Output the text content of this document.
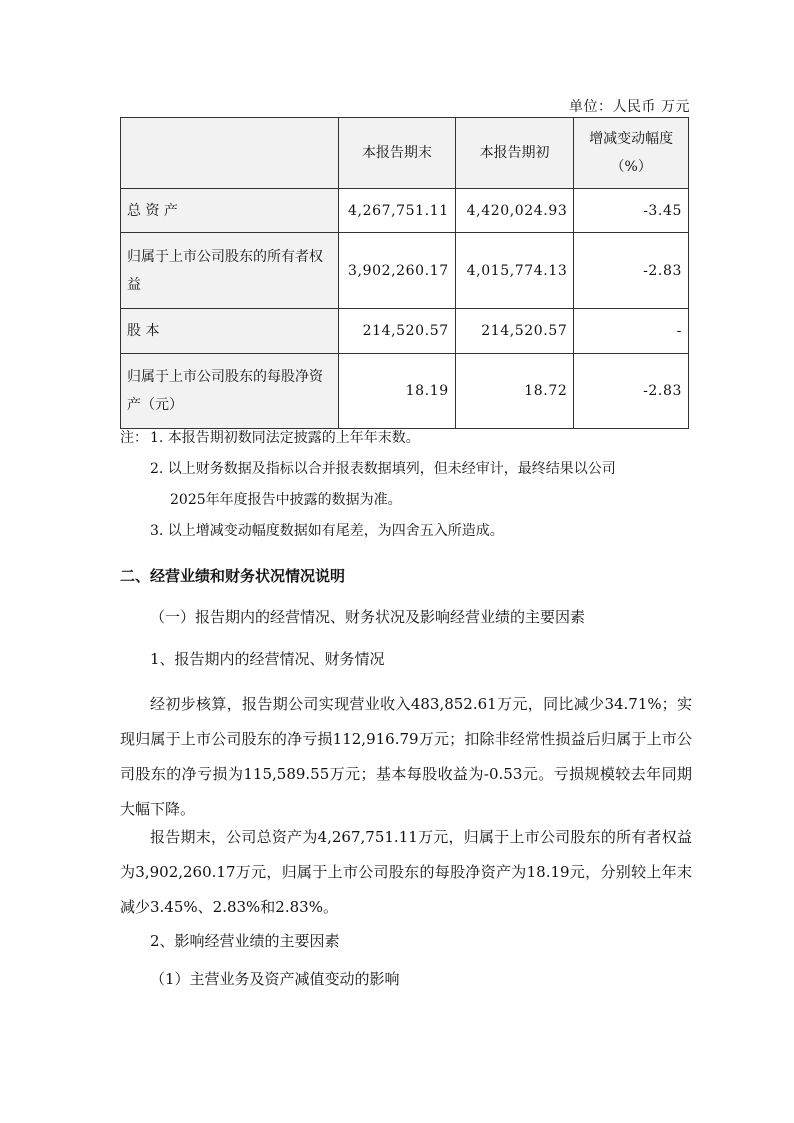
单位：人民币 万元
	本报告期末	本报告期初	增减变动幅度（%）
总 资 产	4,267,751.11	4,420,024.93	-3.45
归属于上市公司股东的所有者权益	3,902,260.17	4,015,774.13	-2.83
股 本	214,520.57	214,520.57	-
归属于上市公司股东的每股净资产（元）	18.19	18.72	-2.83
注： 1. 本报告期初数同法定披露的上年年末数。
2. 以上财务数据及指标以合并报表数据填列，但未经审计，最终结果以公司
2025年年度报告中披露的数据为准。
3. 以上增减变动幅度数据如有尾差，为四舍五入所造成。
二、经营业绩和财务状况情况说明
（一）报告期内的经营情况、财务状况及影响经营业绩的主要因素
1、报告期内的经营情况、财务情况
经初步核算，报告期公司实现营业收入483,852.61万元，同比减少34.71%；实现归属于上市公司股东的净亏损112,916.79万元；扣除非经常性损益后归属于上市公司股东的净亏损为115,589.55万元；基本每股收益为-0.53元。亏损规模较去年同期大幅下降。
报告期末，公司总资产为4,267,751.11万元，归属于上市公司股东的所有者权益为3,902,260.17万元，归属于上市公司股东的每股净资产为18.19元，分别较上年末减少3.45%、2.83%和2.83%。
2、影响经营业绩的主要因素
（1）主营业务及资产减值变动的影响
